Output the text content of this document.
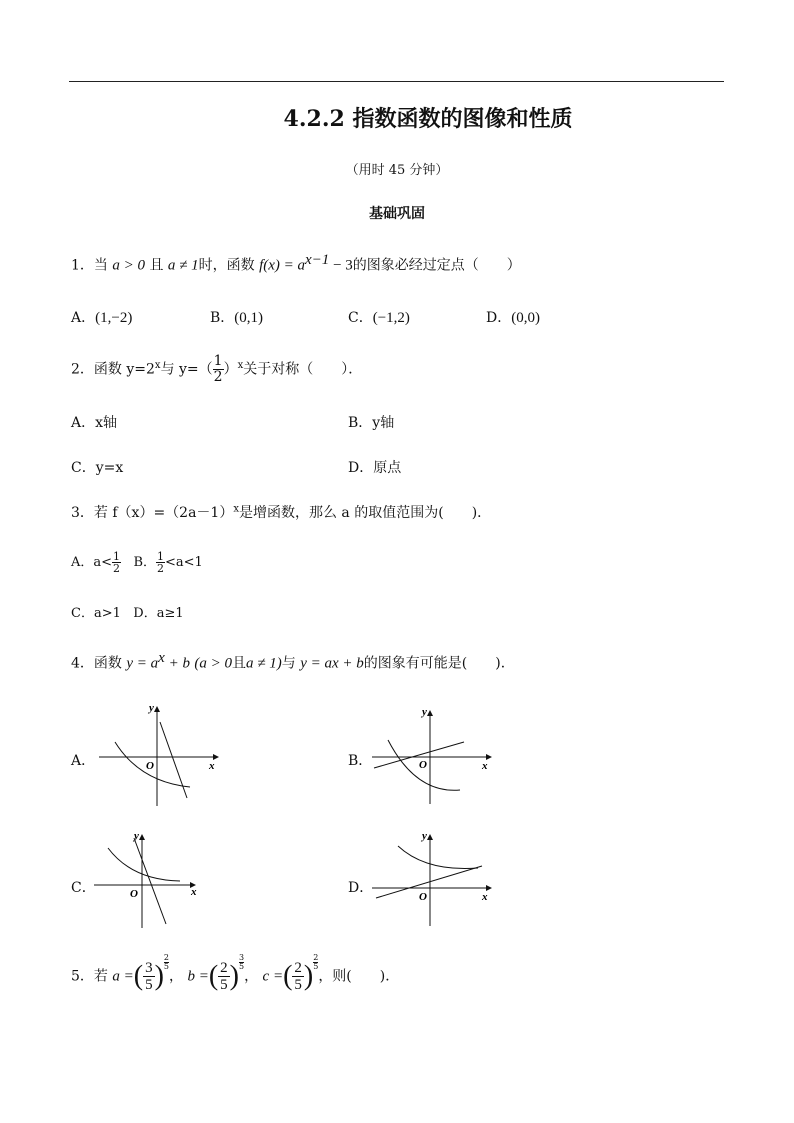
4.2.2 指数函数的图像和性质
（用时 45 分钟）
基础巩固
1．当 a > 0 且 a ≠ 1时，函数 $f(x) = a^{x-1} - 3$的图象必经过定点（　　）
A．(1,−2)	B．(0,1)	C．(−1,2)	D．(0,0)
2．函数 $y=2^x$与 $y=( \frac{1}{2} )^x$关于对称（　　）．
A．x轴	B．y轴
C．y=x	D．原点
3．若 $f(x)=(2a-1)^x$是增函数，那么 a 的取值范围为(　　)．
A．$a< \frac{1}{2}$ B． $\frac{1}{2} <a<1$
C．a>1 D．a≥1
4．函数 $y = a^x + b$ (a > 0且a ≠ 1)与 y = ax + b的图象有可能是(　　)．
A．	B．
C．	D．
y
x
O
y
x
O
y
x
O
y
x
O
5．若 a =( $\frac{3}{5}) \frac{2}{5}$， b =( $\frac{2}{5}) \frac{3}{5}$， c =( $\frac{2}{5}) \frac{2}{5}$，则(　　)．
